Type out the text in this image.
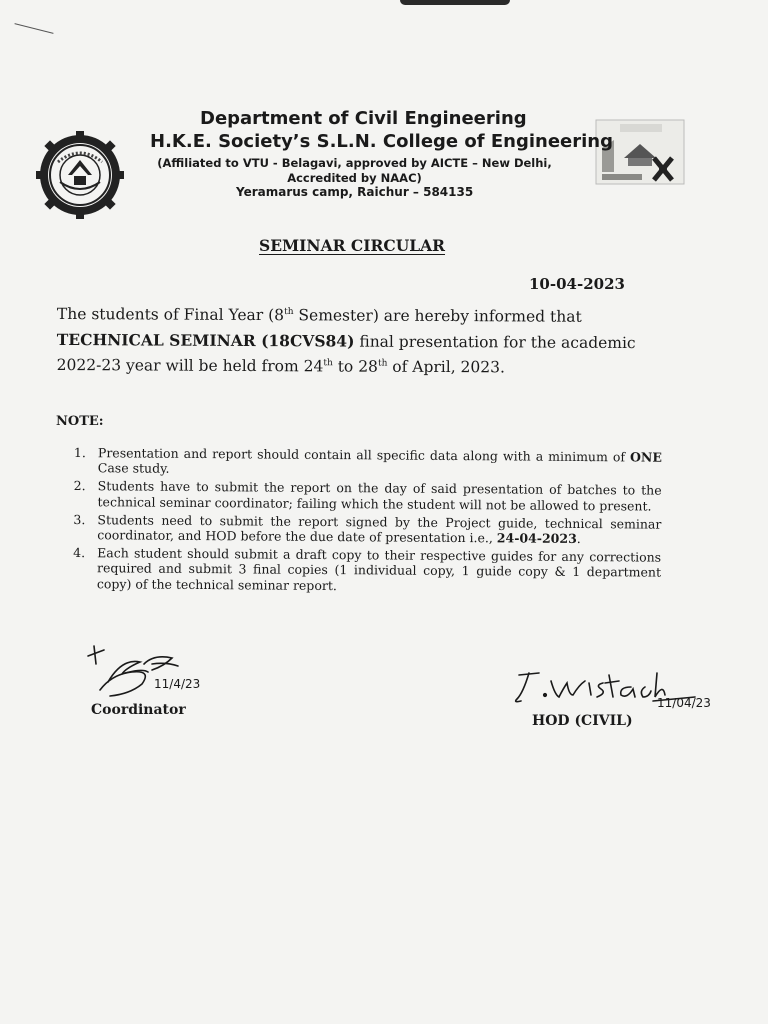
Department of Civil Engineering
H.K.E. Society’s S.L.N. College of Engineering
(Affiliated to VTU - Belagavi, approved by AICTE – New Delhi,
Accredited by NAAC)
Yeramarus camp, Raichur – 584135
SEMINAR CIRCULAR
10-04-2023
The students of Final Year (8th Semester) are hereby informed that TECHNICAL SEMINAR (18CVS84) final presentation for the academic 2022-23 year will be held from 24th to 28th of April, 2023.
NOTE:
1. Presentation and report should contain all specific data along with a minimum of ONE Case study.
2. Students have to submit the report on the day of said presentation of batches to the technical seminar coordinator; failing which the student will not be allowed to present.
3. Students need to submit the report signed by the Project guide, technical seminar coordinator, and HOD before the due date of presentation i.e., 24-04-2023.
4. Each student should submit a draft copy to their respective guides for any corrections required and submit 3 final copies (1 individual copy, 1 guide copy & 1 department copy) of the technical seminar report.
11/4/23
Coordinator	11/04/23
HOD (CIVIL)
